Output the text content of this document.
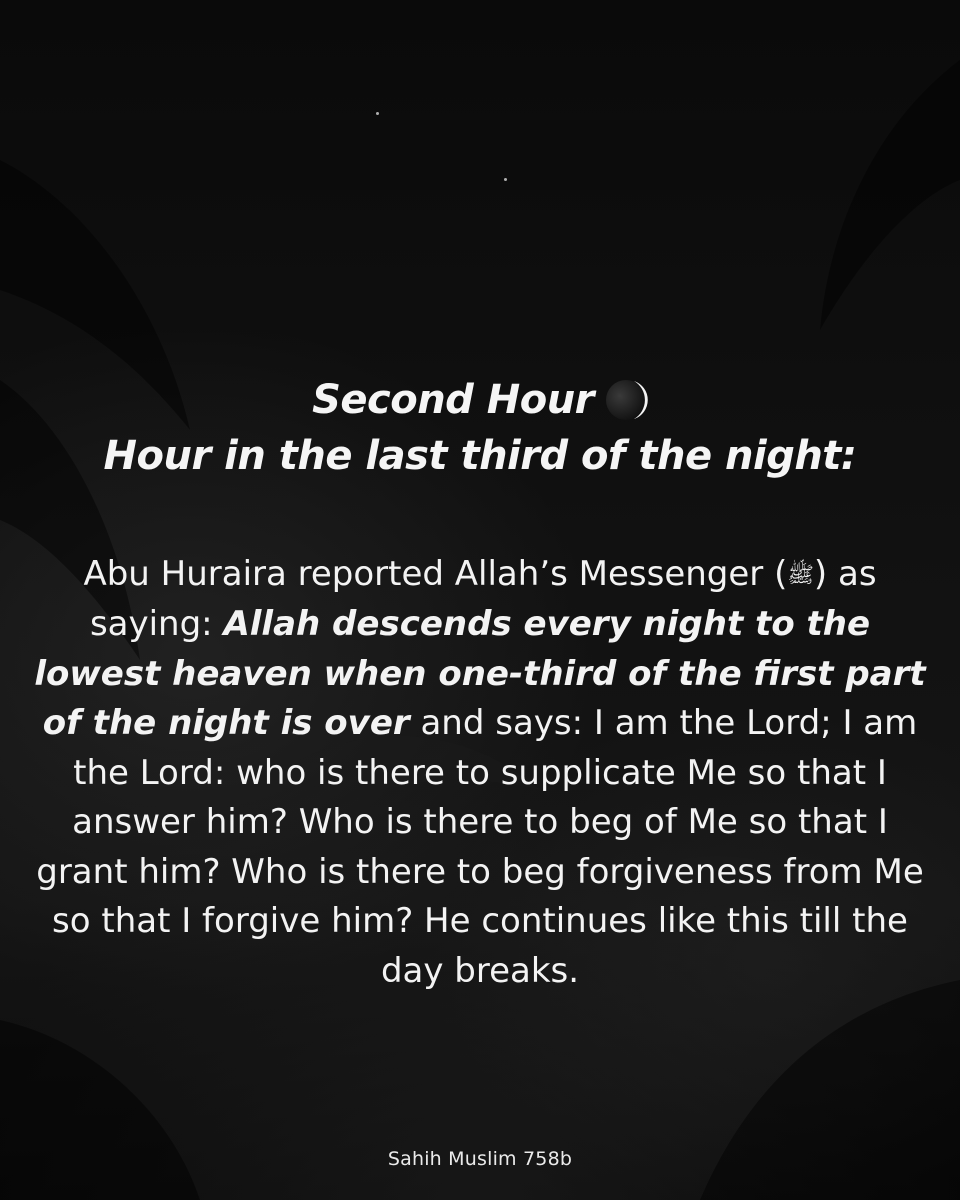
Second Hour
Hour in the last third of the night:
Abu Huraira reported Allah’s Messenger (ﷺ) as saying: Allah descends every night to the lowest heaven when one-third of the first part of the night is over and says: I am the Lord; I am the Lord: who is there to supplicate Me so that I answer him? Who is there to beg of Me so that I grant him? Who is there to beg forgiveness from Me so that I forgive him? He continues like this till the day breaks.
Sahih Muslim 758b
